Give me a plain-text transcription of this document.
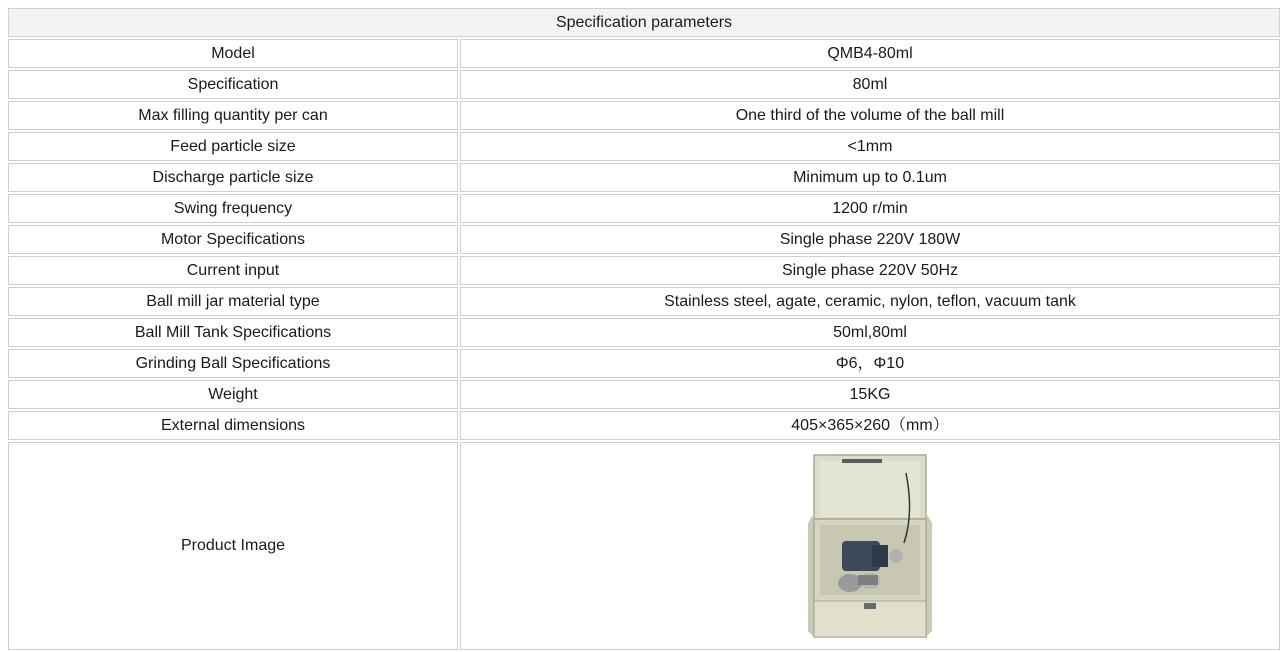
Specification parameters	
Model	QMB4-80ml
Specification	80ml
Max filling quantity per can	One third of the volume of the ball mill
Feed particle size	<1mm
Discharge particle size	Minimum up to 0.1um
Swing frequency	1200 r/min
Motor Specifications	Single phase 220V 180W
Current input	Single phase 220V 50Hz
Ball mill jar material type	Stainless steel, agate, ceramic, nylon, teflon, vacuum tank
Ball Mill Tank Specifications	50ml,80ml
Grinding Ball Specifications	Φ6，Φ10
Weight	15KG
External dimensions	405×365×260（mm）
Product Image	
